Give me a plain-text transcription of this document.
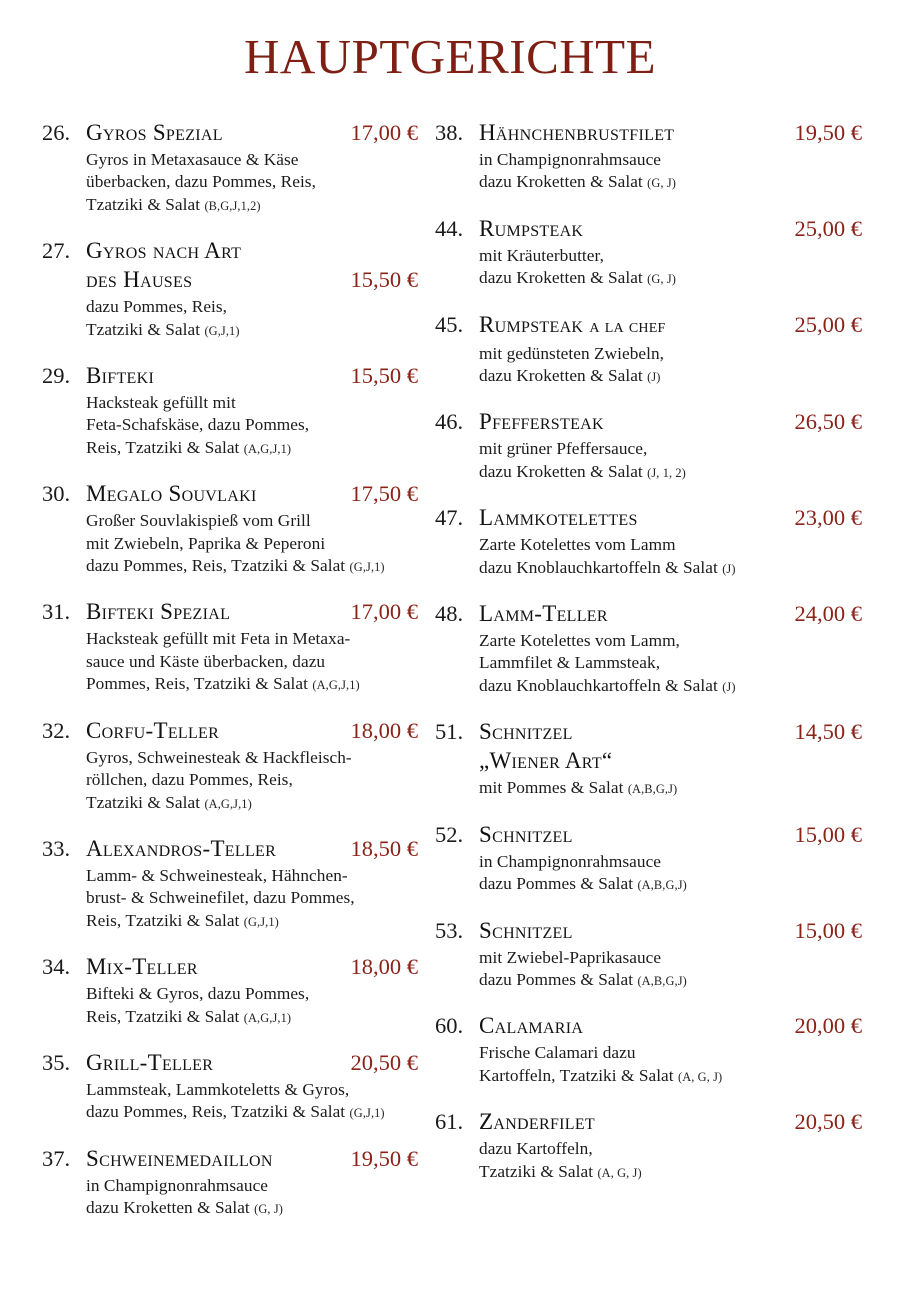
HAUPTGERICHTE
26. Gyros Spezial	17,00 €
Gyros in Metaxasauce & Käse
überbacken, dazu Pommes, Reis,
Tzatziki & Salat (B,G,J,1,2)
27. Gyros nach Art
des Hauses	15,50 €
dazu Pommes, Reis,
Tzatziki & Salat (G,J,1)
29. Bifteki	15,50 €
Hacksteak gefüllt mit
Feta-Schafskäse, dazu Pommes,
Reis, Tzatziki & Salat (A,G,J,1)
30. Megalo Souvlaki	17,50 €
Großer Souvlakispieß vom Grill
mit Zwiebeln, Paprika & Peperoni
dazu Pommes, Reis, Tzatziki & Salat (G,J,1)
31. Bifteki Spezial	17,00 €
Hacksteak gefüllt mit Feta in Metaxa-
sauce und Käste überbacken, dazu
Pommes, Reis, Tzatziki & Salat (A,G,J,1)
32. Corfu-Teller	18,00 €
Gyros, Schweinesteak & Hackfleisch-
röllchen, dazu Pommes, Reis,
Tzatziki & Salat (A,G,J,1)
33. Alexandros-Teller	18,50 €
Lamm- & Schweinesteak, Hähnchen-
brust- & Schweinefilet, dazu Pommes,
Reis, Tzatziki & Salat (G,J,1)
34. Mix-Teller	18,00 €
Bifteki & Gyros, dazu Pommes,
Reis, Tzatziki & Salat (A,G,J,1)
35. Grill-Teller	20,50 €
Lammsteak, Lammkoteletts & Gyros,
dazu Pommes, Reis, Tzatziki & Salat (G,J,1)
37. Schweinemedaillon	19,50 €
in Champignonrahmsauce
dazu Kroketten & Salat (G, J)
38. Hähnchenbrustfilet	19,50 €
in Champignonrahmsauce
dazu Kroketten & Salat (G, J)
44. Rumpsteak	25,00 €
mit Kräuterbutter,
dazu Kroketten & Salat (G, J)
45. Rumpsteak a la chef	25,00 €
mit gedünsteten Zwiebeln,
dazu Kroketten & Salat (J)
46. Pfeffersteak	26,50 €
mit grüner Pfeffersauce,
dazu Kroketten & Salat (J, 1, 2)
47. Lammkotelettes	23,00 €
Zarte Kotelettes vom Lamm
dazu Knoblauchkartoffeln & Salat (J)
48. Lamm-Teller	24,00 €
Zarte Kotelettes vom Lamm,
Lammfilet & Lammsteak,
dazu Knoblauchkartoffeln & Salat (J)
51. Schnitzel	14,50 €
„Wiener Art“
mit Pommes & Salat (A,B,G,J)
52. Schnitzel	15,00 €
in Champignonrahmsauce
dazu Pommes & Salat (A,B,G,J)
53. Schnitzel	15,00 €
mit Zwiebel-Paprikasauce
dazu Pommes & Salat (A,B,G,J)
60. Calamaria	20,00 €
Frische Calamari dazu
Kartoffeln, Tzatziki & Salat (A, G, J)
61. Zanderfilet	20,50 €
dazu Kartoffeln,
Tzatziki & Salat (A, G, J)
